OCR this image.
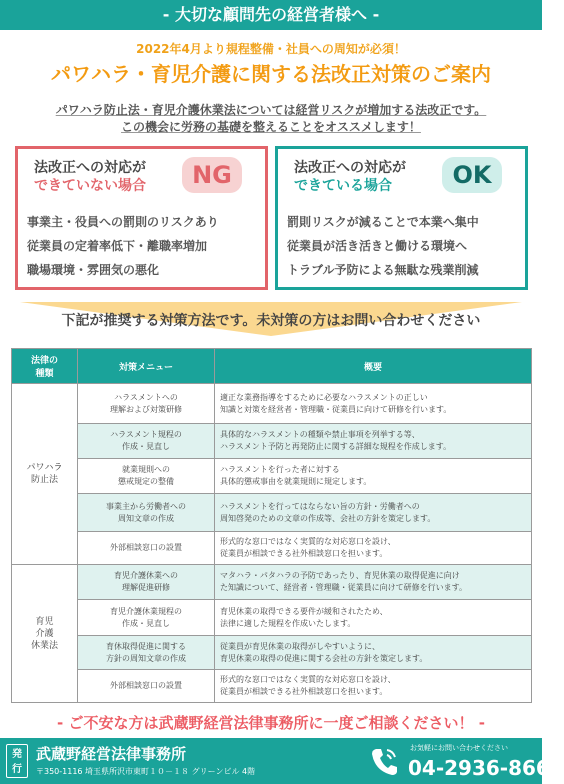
- 大切な顧問先の経営者様へ -
2022年4月より規程整備・社員への周知が必須！
パワハラ・育児介護に関する法改正対策のご案内
パワハラ防止法・育児介護休業法については経営リスクが増加する法改正です。
この機会に労務の基礎を整えることをオススメします！
法改正への対応が
できていない場合	NG
事業主・役員への罰則のリスクあり
従業員の定着率低下・離職率増加
職場環境・雰囲気の悪化
法改正への対応が
できている場合	OK
罰則リスクが減ることで本業へ集中
従業員が活き活きと働ける環境へ
トラブル予防による無駄な残業削減
下記が推奨する対策方法です。未対策の方はお問い合わせください
法律の
種類	対策メニュー	概要
パワハラ
防止法	ハラスメントへの
理解および対策研修	適正な業務指導をするために必要なハラスメントの正しい
知識と対策を経営者・管理職・従業員に向けて研修を行います。
	ハラスメント規程の
作成・見直し	具体的なハラスメントの種類や禁止事項を列挙する等、
ハラスメント予防と再発防止に関する詳細な規程を作成します。
	就業規則への
懲戒規定の整備	ハラスメントを行った者に対する
具体的懲戒事由を就業規則に規定します。
	事業主から労働者への
周知文章の作成	ハラスメントを行ってはならない旨の方針・労働者への
周知啓発のための文章の作成等、会社の方針を策定します。
	外部相談窓口の設置	形式的な窓口ではなく実質的な対応窓口を設け、
従業員が相談できる社外相談窓口を担います。
育児
介護
休業法	育児介護休業への
理解促進研修	マタハラ・パタハラの予防であったり、育児休業の取得促進に向け
た知識について、経営者・管理職・従業員に向けて研修を行います。
	育児介護休業規程の
作成・見直し	育児休業の取得できる要件が緩和されたため、
法律に適した規程を作成いたします。
	育休取得促進に関する
方針の周知文章の作成	従業員が育児休業の取得がしやすいように、
育児休業の取得の促進に関する会社の方針を策定します。
	外部相談窓口の設置	形式的な窓口ではなく実質的な対応窓口を設け、
従業員が相談できる社外相談窓口を担います。
- ご不安な方は武蔵野経営法律事務所に一度ご相談ください！ -
発
行
武蔵野経営法律事務所
〒350-1116 埼玉県所沢市東町１０－１８ グリーンビル 4階
お気軽にお問い合わせください
04-2936-8666
